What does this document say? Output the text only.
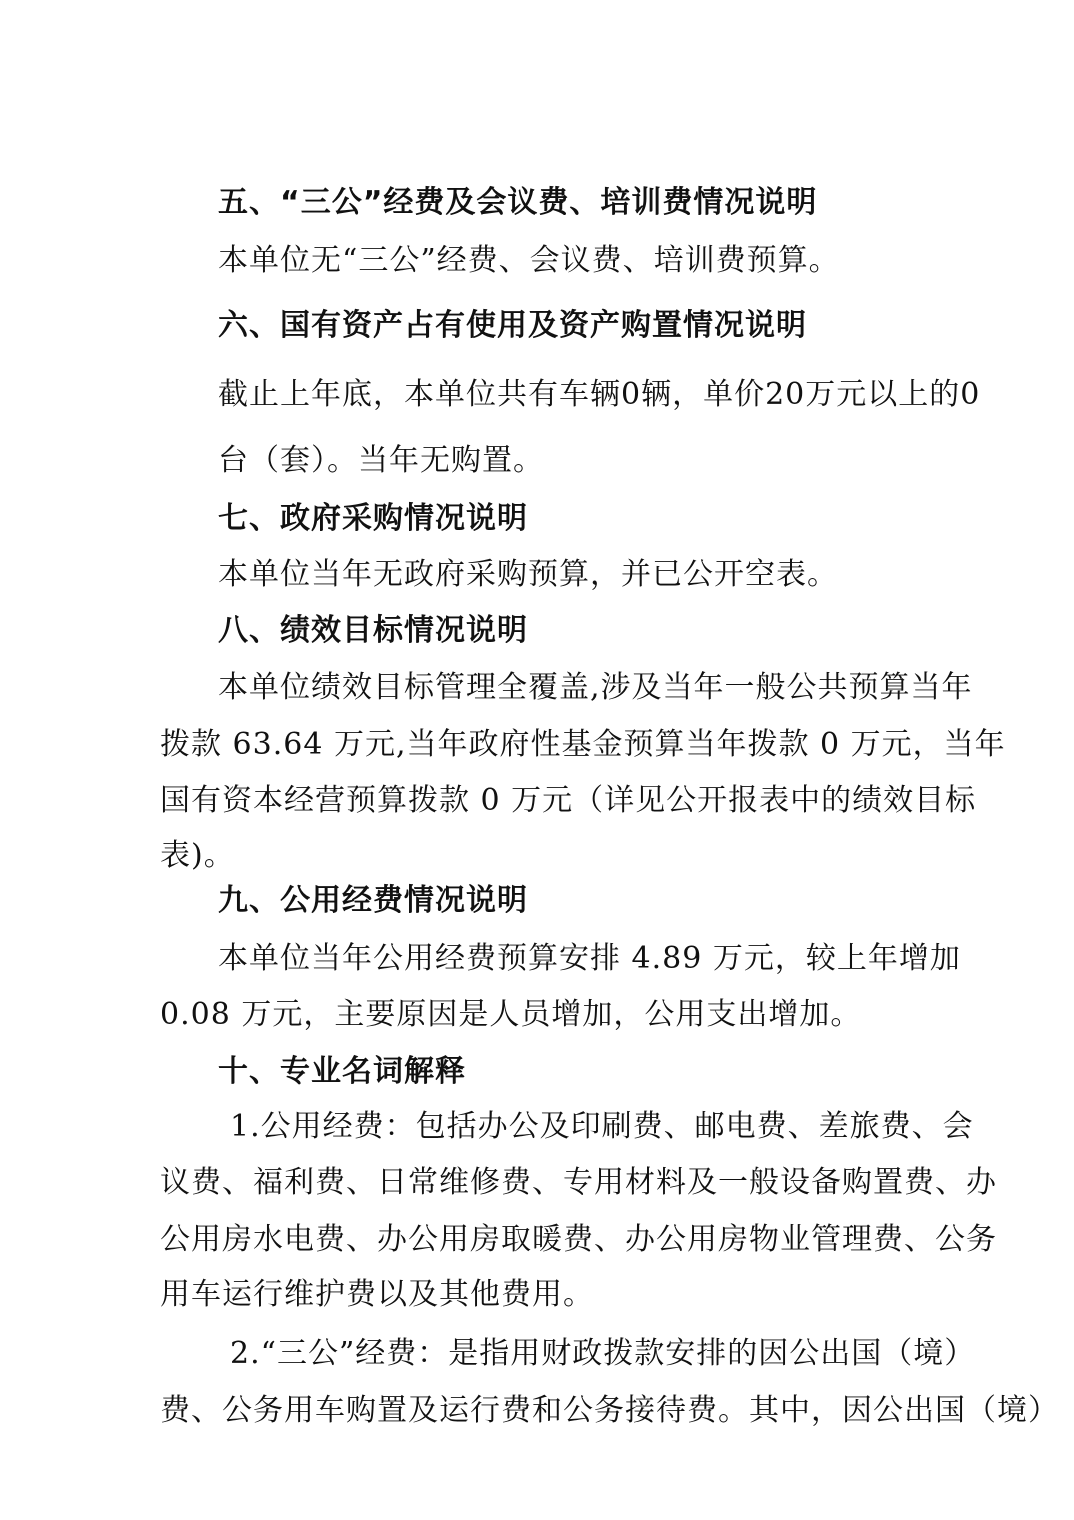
五、“三公”经费及会议费、培训费情况说明
本单位无“三公”经费、会议费、培训费预算。
六、国有资产占有使用及资产购置情况说明
截止上年底，本单位共有车辆0辆，单价20万元以上的0
台（套）。当年无购置。
七、政府采购情况说明
本单位当年无政府采购预算，并已公开空表。
八、绩效目标情况说明
本单位绩效目标管理全覆盖,涉及当年一般公共预算当年
拨款 63.64 万元,当年政府性基金预算当年拨款 0 万元，当年
国有资本经营预算拨款 0 万元（详见公开报表中的绩效目标
表)。
九、公用经费情况说明
本单位当年公用经费预算安排 4.89 万元，较上年增加
0.08 万元，主要原因是人员增加，公用支出增加。
十、专业名词解释
1.公用经费：包括办公及印刷费、邮电费、差旅费、会
议费、福利费、日常维修费、专用材料及一般设备购置费、办
公用房水电费、办公用房取暖费、办公用房物业管理费、公务
用车运行维护费以及其他费用。
2.“三公”经费：是指用财政拨款安排的因公出国（境）
费、公务用车购置及运行费和公务接待费。其中，因公出国（境）
